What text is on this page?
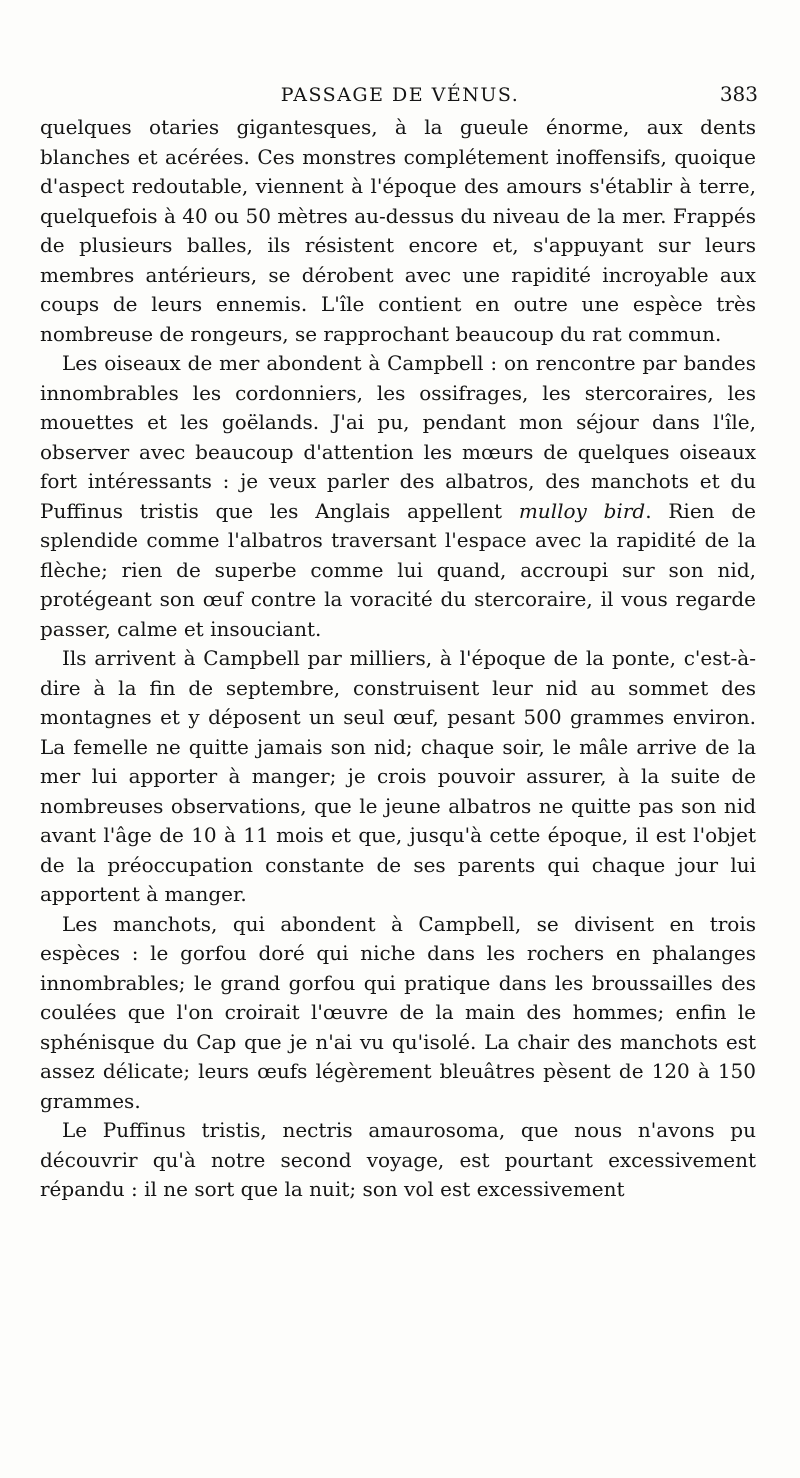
PASSAGE DE VÉNUS.	383

quelques otaries gigantesques, à la gueule énorme, aux dents blanches et acérées. Ces monstres complétement inoffensifs, quoique d'aspect redoutable, viennent à l'époque des amours s'établir à terre, quelquefois à 40 ou 50 mètres au-dessus du niveau de la mer. Frappés de plusieurs balles, ils résistent encore et, s'appuyant sur leurs membres antérieurs, se dérobent avec une rapidité incroyable aux coups de leurs ennemis. L'île contient en outre une espèce très nombreuse de rongeurs, se rapprochant beaucoup du rat commun.

Les oiseaux de mer abondent à Campbell : on rencontre par bandes innombrables les cordonniers, les ossifrages, les stercoraires, les mouettes et les goëlands. J'ai pu, pendant mon séjour dans l'île, observer avec beaucoup d'attention les mœurs de quelques oiseaux fort intéressants : je veux parler des albatros, des manchots et du Puffinus tristis que les Anglais appellent mulloy bird. Rien de splendide comme l'albatros traversant l'espace avec la rapidité de la flèche; rien de superbe comme lui quand, accroupi sur son nid, protégeant son œuf contre la voracité du stercoraire, il vous regarde passer, calme et insouciant.

Ils arrivent à Campbell par milliers, à l'époque de la ponte, c'est-à-dire à la fin de septembre, construisent leur nid au sommet des montagnes et y déposent un seul œuf, pesant 500 grammes environ. La femelle ne quitte jamais son nid; chaque soir, le mâle arrive de la mer lui apporter à manger; je crois pouvoir assurer, à la suite de nombreuses observations, que le jeune albatros ne quitte pas son nid avant l'âge de 10 à 11 mois et que, jusqu'à cette époque, il est l'objet de la préoccupation constante de ses parents qui chaque jour lui apportent à manger.

Les manchots, qui abondent à Campbell, se divisent en trois espèces : le gorfou doré qui niche dans les rochers en phalanges innombrables; le grand gorfou qui pratique dans les broussailles des coulées que l'on croirait l'œuvre de la main des hommes; enfin le sphénisque du Cap que je n'ai vu qu'isolé. La chair des manchots est assez délicate; leurs œufs légèrement bleuâtres pèsent de 120 à 150 grammes.

Le Puffinus tristis, nectris amaurosoma, que nous n'avons pu découvrir qu'à notre second voyage, est pourtant excessivement répandu : il ne sort que la nuit; son vol est excessivement
